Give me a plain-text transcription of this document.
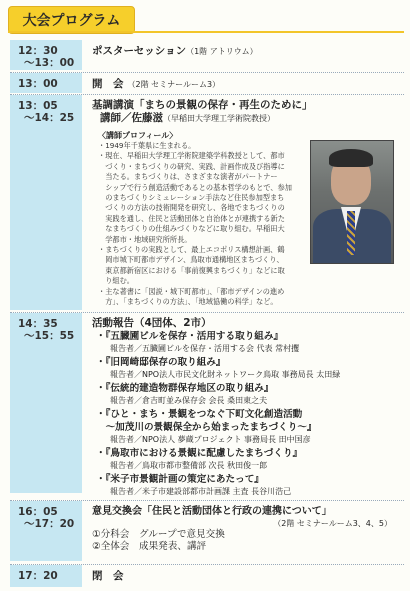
大会プログラム
12：30
～13：00
ポスターセッション（1階 アトリウム）
13：00	開　会 （2階 セミナールーム3）
13：05
～14：25
基調講演「まちの景観の保存・再生のために」
講師／佐藤滋（早稲田大学理工学術院教授）
〈講師プロフィール〉
・1949年千葉県に生まれる。
・現在、早稲田大学理工学術院建築学科教授として、都市
　づくり・まちづくりの研究、実践、計画作成及び指導に
　当たる。まちづくりは、さまざまな演者がパートナー
　シップで行う創造活動であるとの基本哲学のもとで、参加
　のまちづくりシミュレーション手法など住民参加型まち
　づくりの方法の技術開発を研究し、各地でまちづくりの
　実践を通し、住民と活動団体と自治体とが連携する新た
　なまちづくりの仕組みづくりなどに取り組む。早稲田大
　学都市・地域研究所所長。
・まちづくりの実践として、最上エコポリス構想計画、鶴
　岡市城下町都市デザイン、鳥取市通構地区まちづくり、
　東京都新宿区における「事前復興まちづくり」などに取
　り組む。
・主な著書に「図説・城下町都市」、「都市デザインの進め
　方」、「まちづくりの方法」、「地域協働の科学」など。
14：35
～15：55
活動報告（4団体、2市）
・『五臓圃ビルを保存・活用する取り組み』
報告者／五臓圃ビルを保存・活用する会 代表 常村攫
・『旧岡崎邸保存の取り組み』
報告者／NPO法人市民文化財ネットワーク鳥取 事務局長 太田緑
・『伝統的建造物群保存地区の取り組み』
報告者／倉吉町並み保存会 会長 桑田東之夫
・『ひと・まち・景観をつなぐ下町文化創造活動
　～加茂川の景観保全から始まったまちづくり～』
報告者／NPO法人 夢蔵プロジェクト 事務局長 田中国彦
・『鳥取市における景観に配慮したまちづくり』
報告者／鳥取市都市整備部 次長 秋田俊一郎
・『米子市景観計画の策定にあたって』
報告者／米子市建設部都市計画課 主査 長谷川浩己
16：05
～17：20
意見交換会「住民と活動団体と行政の連携について」
（2階 セミナールーム3、4、5）
①分科会　グループで意見交換
②全体会　成果発表、講評
17：20	閉　会
